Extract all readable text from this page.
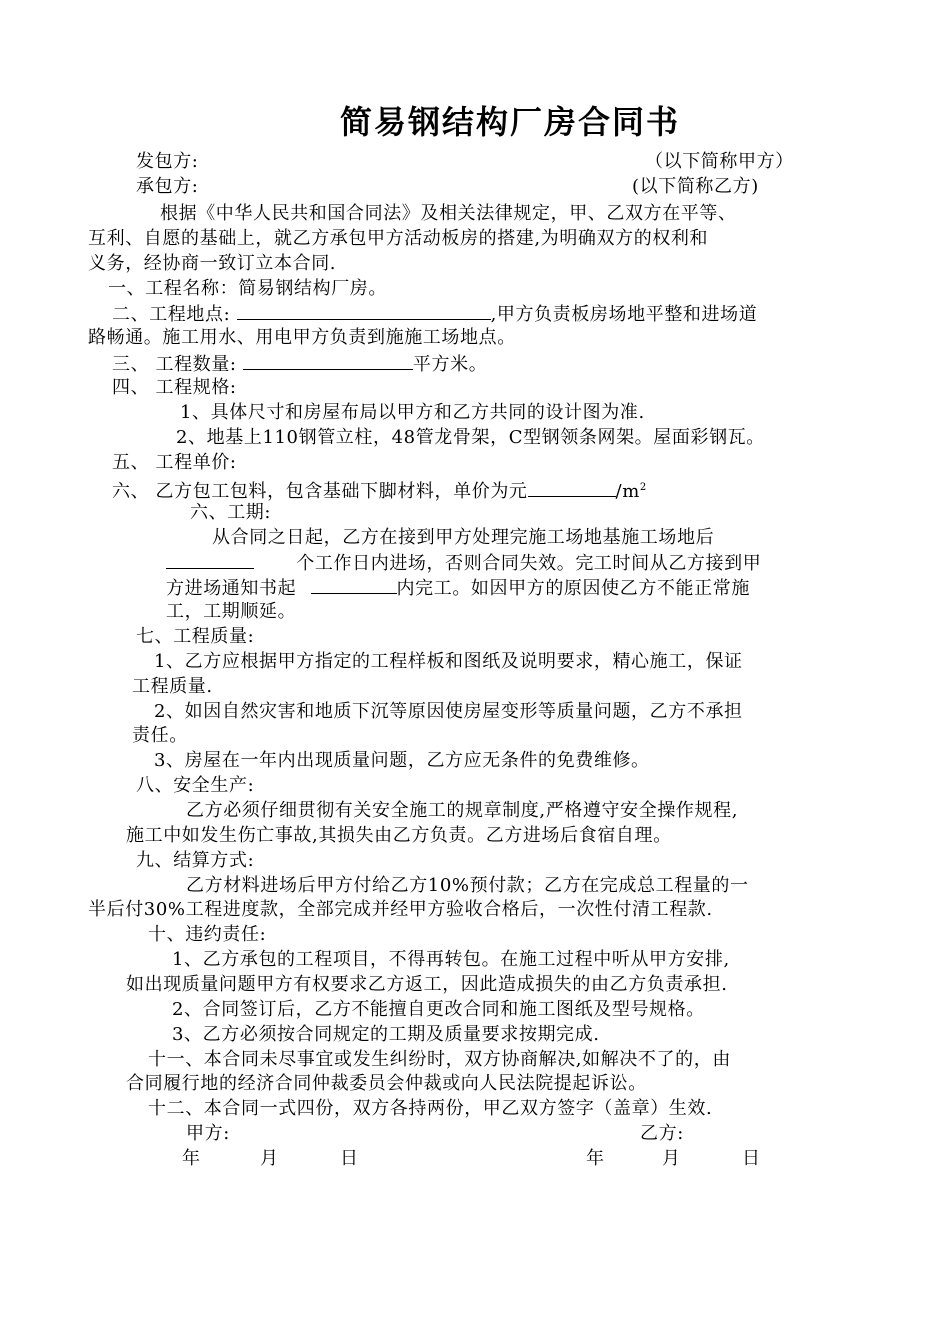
简易钢结构厂房合同书
发包方:	（以下简称甲方）
承包方:	(以下简称乙方)
根据《中华人民共和国合同法》及相关法律规定，甲、乙双方在平等、
互利、自愿的基础上，就乙方承包甲方活动板房的搭建,为明确双方的权利和
义务，经协商一致订立本合同.
一、工程名称：简易钢结构厂房。
二、工程地点:	,甲方负责板房场地平整和进场道
路畅通。施工用水、用电甲方负责到施施工场地点。
三、 工程数量:	平方米。
四、 工程规格:
1、具体尺寸和房屋布局以甲方和乙方共同的设计图为准.
2、地基上110钢管立柱，48管龙骨架，C型钢领条网架。屋面彩钢瓦。
五、 工程单价:
六、 乙方包工包料，包含基础下脚材料，单价为元	$/m^2$
六、工期:
从合同之日起，乙方在接到甲方处理完施工场地基施工场地后
个工作日内进场，否则合同失效。完工时间从乙方接到甲
方进场通知书起	内完工。如因甲方的原因使乙方不能正常施
工，工期顺延。
七、工程质量:
1、乙方应根据甲方指定的工程样板和图纸及说明要求，精心施工，保证
工程质量.
2、如因自然灾害和地质下沉等原因使房屋变形等质量问题，乙方不承担
责任。
3、房屋在一年内出现质量问题，乙方应无条件的免费维修。
八、安全生产:
乙方必须仔细贯彻有关安全施工的规章制度,严格遵守安全操作规程,
施工中如发生伤亡事故,其损失由乙方负责。乙方进场后食宿自理。
九、结算方式:
乙方材料进场后甲方付给乙方10%预付款；乙方在完成总工程量的一
半后付30%工程进度款，全部完成并经甲方验收合格后，一次性付清工程款.
十、违约责任:
1、乙方承包的工程项目，不得再转包。在施工过程中听从甲方安排,
如出现质量问题甲方有权要求乙方返工，因此造成损失的由乙方负责承担.
2、合同签订后，乙方不能擅自更改合同和施工图纸及型号规格。
3、乙方必须按合同规定的工期及质量要求按期完成.
十一、本合同未尽事宜或发生纠纷时，双方协商解决,如解决不了的，由
合同履行地的经济合同仲裁委员会仲裁或向人民法院提起诉讼。
十二、本合同一式四份，双方各持两份，甲乙双方签字（盖章）生效.
甲方:	乙方:
年	月	日	年	月	日
